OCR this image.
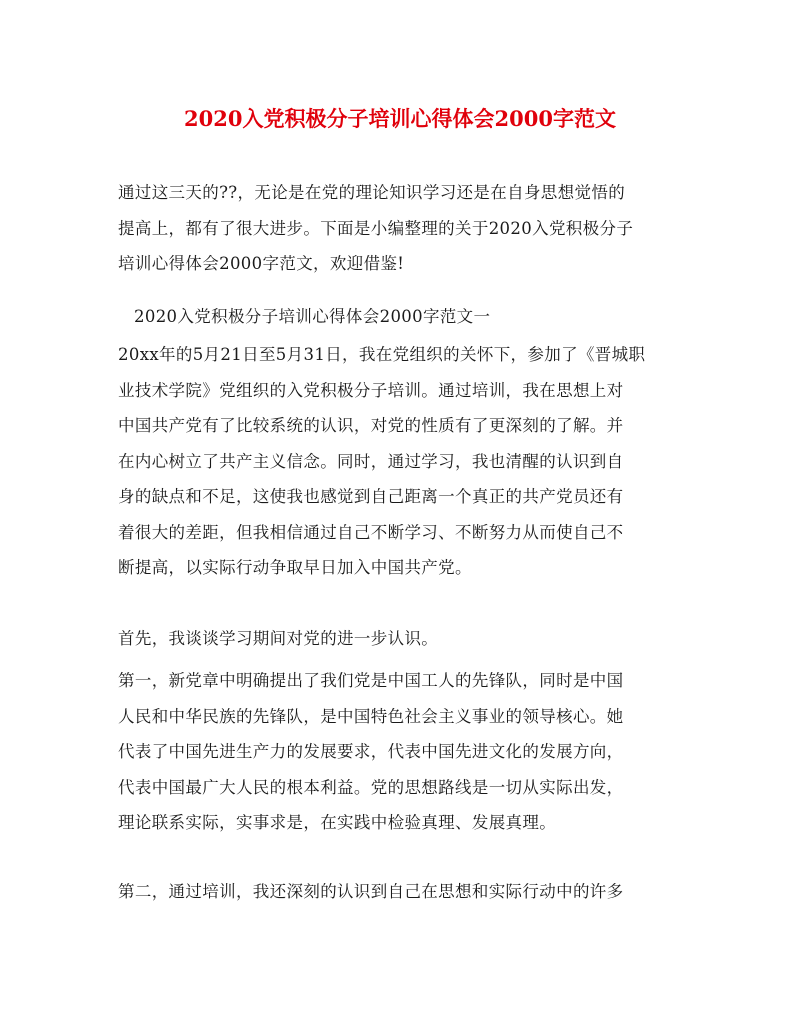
2020入党积极分子培训心得体会2000字范文

通过这三天的??，无论是在党的理论知识学习还是在自身思想觉悟的
提高上，都有了很大进步。下面是小编整理的关于2020入党积极分子
培训心得体会2000字范文，欢迎借鉴!

2020入党积极分子培训心得体会2000字范文一

20xx年的5月21日至5月31日，我在党组织的关怀下，参加了《晋城职
业技术学院》党组织的入党积极分子培训。通过培训，我在思想上对
中国共产党有了比较系统的认识，对党的性质有了更深刻的了解。并
在内心树立了共产主义信念。同时，通过学习，我也清醒的认识到自
身的缺点和不足，这使我也感觉到自己距离一个真正的共产党员还有
着很大的差距，但我相信通过自己不断学习、不断努力从而使自己不
断提高，以实际行动争取早日加入中国共产党。

首先，我谈谈学习期间对党的进一步认识。

第一，新党章中明确提出了我们党是中国工人的先锋队，同时是中国
人民和中华民族的先锋队，是中国特色社会主义事业的领导核心。她
代表了中国先进生产力的发展要求，代表中国先进文化的发展方向，
代表中国最广大人民的根本利益。党的思想路线是一切从实际出发，
理论联系实际，实事求是，在实践中检验真理、发展真理。

第二，通过培训，我还深刻的认识到自己在思想和实际行动中的许多
